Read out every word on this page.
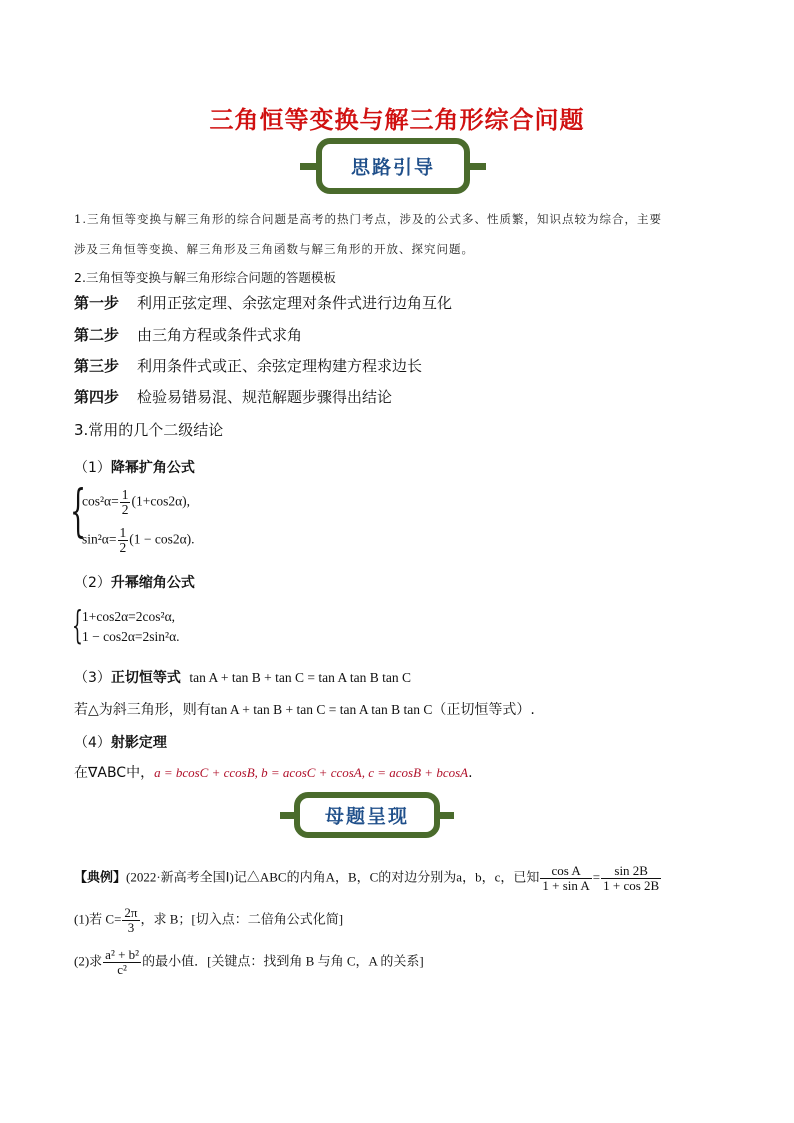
三角恒等变换与解三角形综合问题
思路引导
1.三角恒等变换与解三角形的综合问题是高考的热门考点，涉及的公式多、性质繁，知识点较为综合，主要
涉及三角恒等变换、解三角形及三角函数与解三角形的开放、探究问题。
2.三角恒等变换与解三角形综合问题的答题模板
第一步 利用正弦定理、余弦定理对条件式进行边角互化
第二步 由三角方程或条件式求角
第三步 利用条件式或正、余弦定理构建方程求边长
第四步 检验易错易混、规范解题步骤得出结论
3.常用的几个二级结论
（1）降幂扩角公式
{
$\cos^2\alpha= \frac{1}{2} (1+\cos 2\alpha)$,
$\sin^2\alpha= \frac{1}{2} (1 - \cos 2\alpha)$.
（2）升幂缩角公式
{ 1+cos2α=2cos²α,
1 − cos2α=2sin²α.
（3）正切恒等式 tan A + tan B + tan C = tan A tan B tan C
若△为斜三角形，则有tan A + tan B + tan C = tan A tan B tan C（正切恒等式）.
（4）射影定理
在∇ABC中，a = bcosC + ccosB, b = acosC + ccosA, c = acosB + bcosA.
母题呈现
【典例】(2022·新高考全国Ⅰ)记△ABC的内角A，B，C的对边分别为a，b，c，已知 $\frac{\text{cos A}}{\text{1 + sin A}} = \frac{\sin 2B}{1 + \cos 2B}$
(1)若 $C= \frac{2\pi}{3}$ ，求 B；[切入点：二倍角公式化简]
(2)求 $\frac{\text{a² + b²}}{\text{c²}}$ 的最小值．[关键点：找到角 B 与角 C，A 的关系]
